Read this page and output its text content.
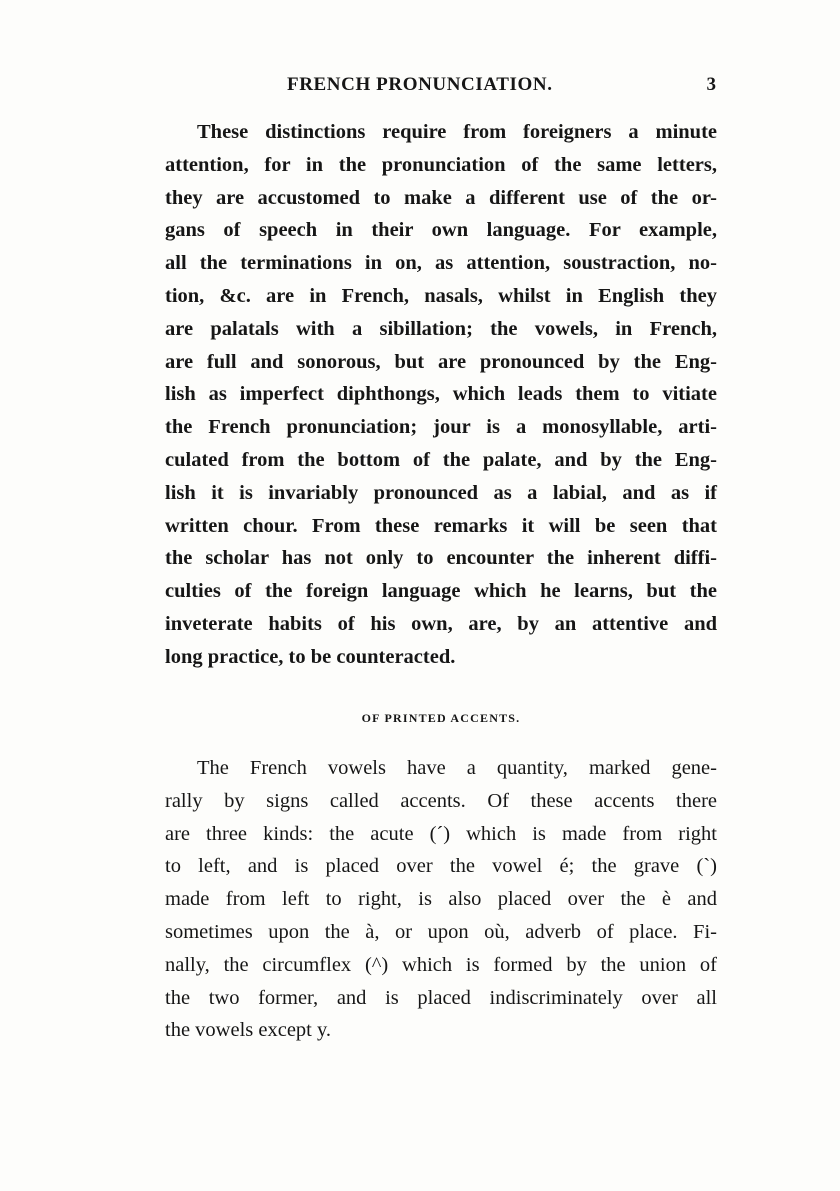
FRENCH PRONUNCIATION.	3
These distinctions require from foreigners a minute
attention, for in the pronunciation of the same letters,
they are accustomed to make a different use of the or-
gans of speech in their own language. For example,
all the terminations in on, as attention, soustraction, no-
tion, &c. are in French, nasals, whilst in English they
are palatals with a sibillation; the vowels, in French,
are full and sonorous, but are pronounced by the Eng-
lish as imperfect diphthongs, which leads them to vitiate
the French pronunciation; jour is a monosyllable, arti-
culated from the bottom of the palate, and by the Eng-
lish it is invariably pronounced as a labial, and as if
written chour. From these remarks it will be seen that
the scholar has not only to encounter the inherent diffi-
culties of the foreign language which he learns, but the
inveterate habits of his own, are, by an attentive and
long practice, to be counteracted.
OF PRINTED ACCENTS.
The French vowels have a quantity, marked gene-
rally by signs called accents. Of these accents there
are three kinds: the acute (´) which is made from right
to left, and is placed over the vowel é; the grave (`)
made from left to right, is also placed over the è and
sometimes upon the à, or upon où, adverb of place. Fi-
nally, the circumflex (^) which is formed by the union of
the two former, and is placed indiscriminately over all
the vowels except y.
